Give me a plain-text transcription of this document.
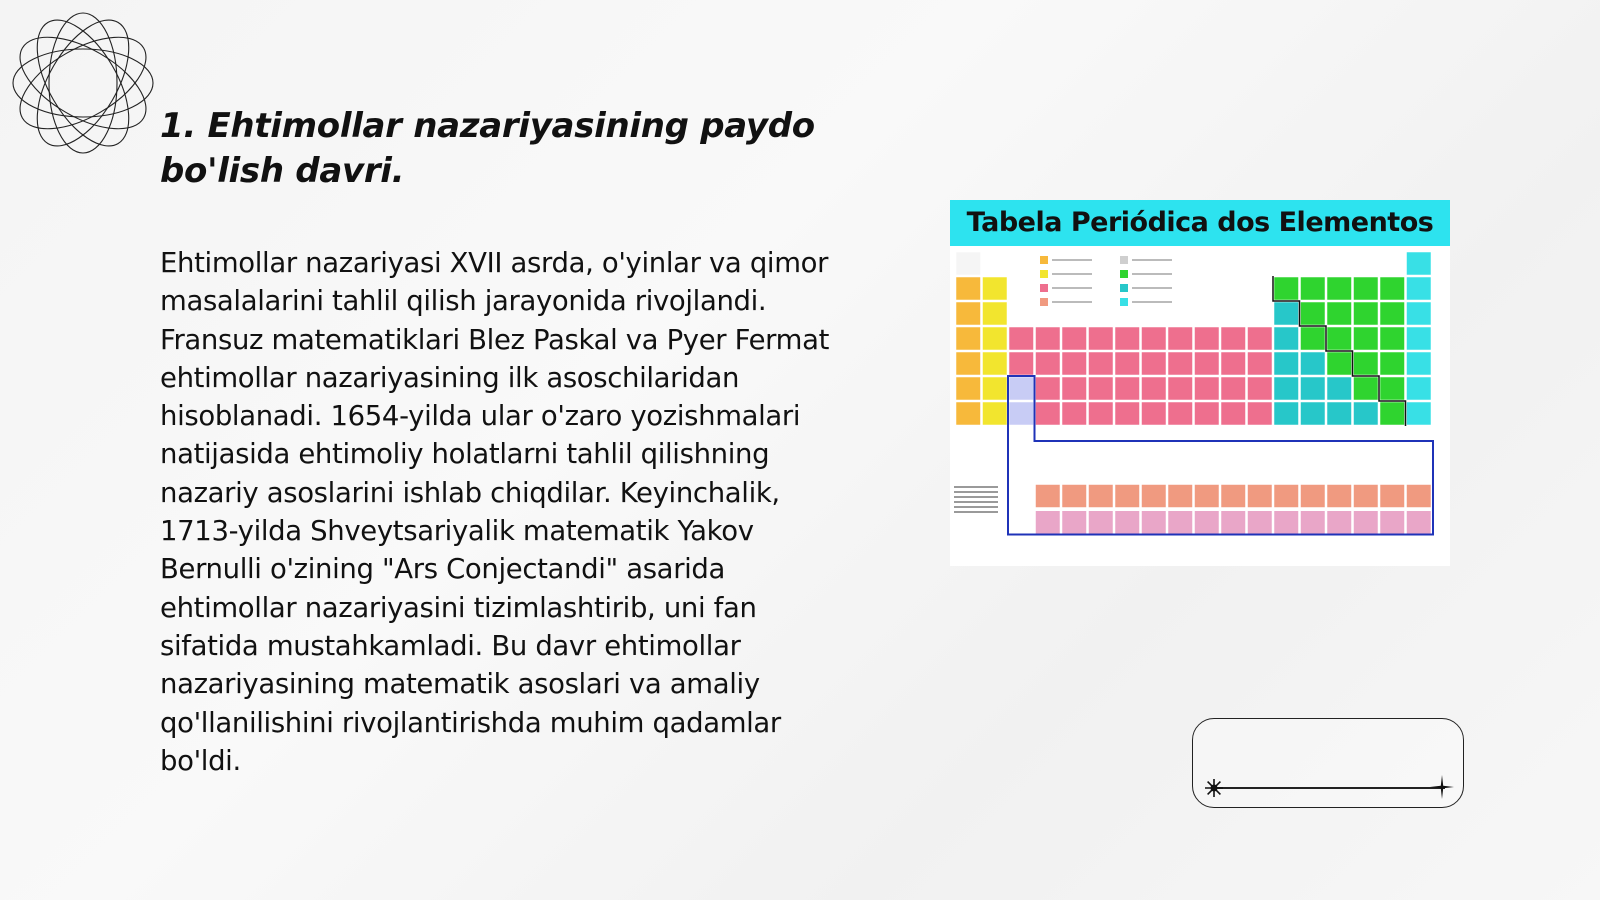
1. Ehtimollar nazariyasining paydo bo'lish davri.

Ehtimollar nazariyasi XVII asrda, o'yinlar va qimor masalalarini tahlil qilish jarayonida rivojlandi. Fransuz matematiklari Blez Paskal va Pyer Fermat ehtimollar nazariyasining ilk asoschilaridan hisoblanadi. 1654-yilda ular o'zaro yozishmalari natijasida ehtimoliy holatlarni tahlil qilishning nazariy asoslarini ishlab chiqdilar. Keyinchalik, 1713-yilda Shveytsariyalik matematik Yakov Bernulli o'zining "Ars Conjectandi" asarida ehtimollar nazariyasini tizimlashtirib, uni fan sifatida mustahkamladi. Bu davr ehtimollar nazariyasining matematik asoslari va amaliy qo'llanilishini rivojlantirishda muhim qadamlar bo'ldi.

Tabela Periódica dos Elementos
